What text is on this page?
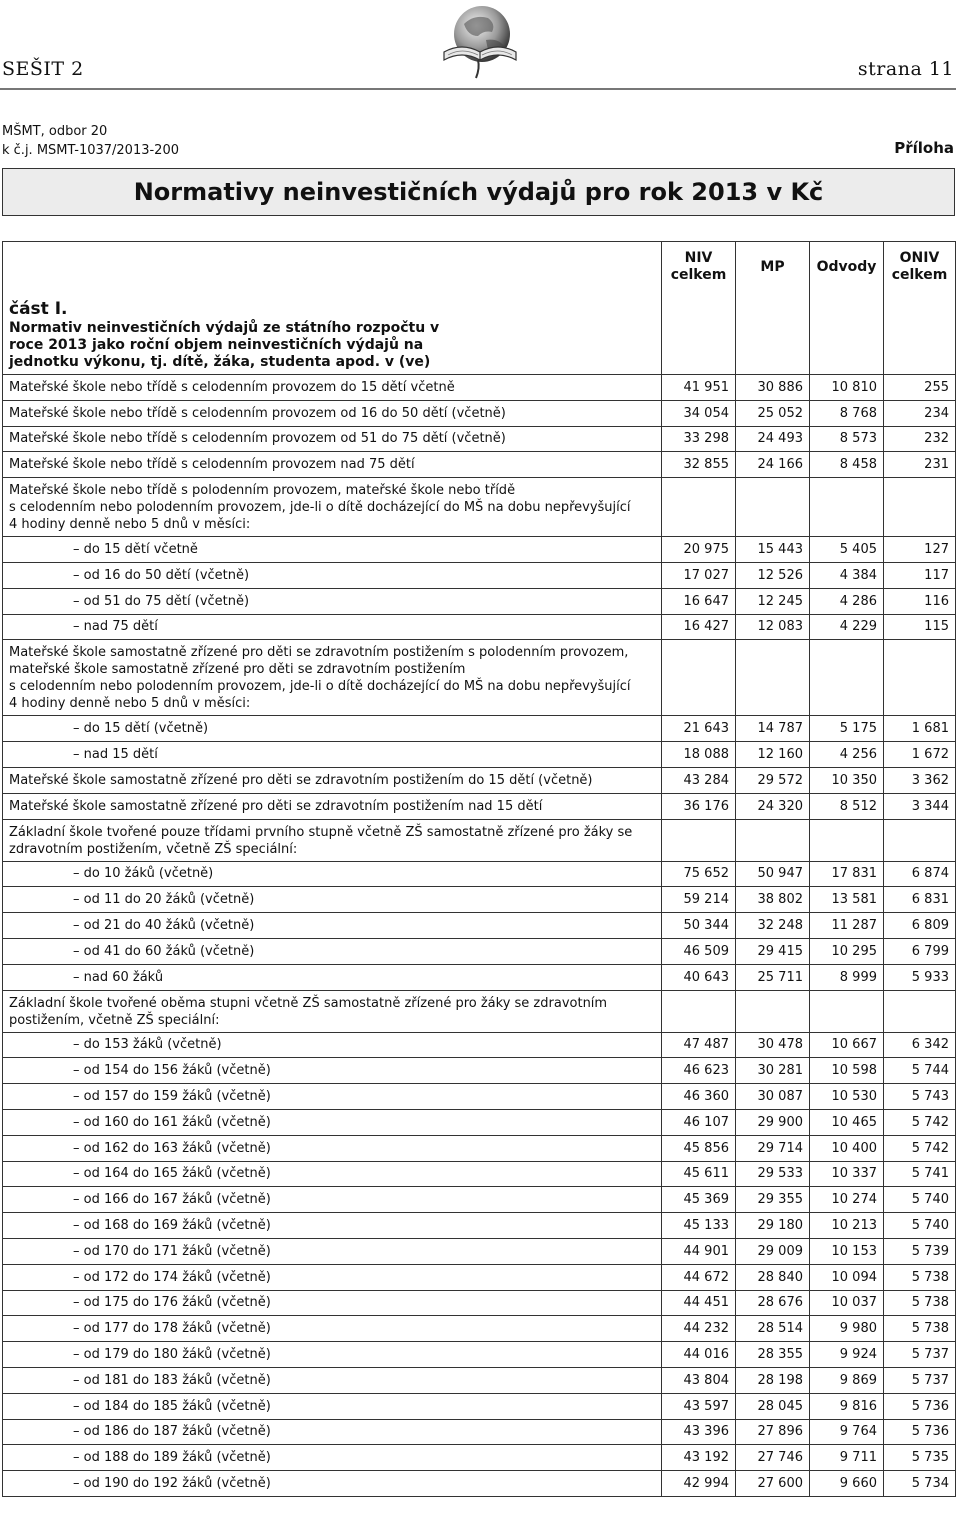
SEŠIT 2	strana 11
MŠMT, odbor 20
k č.j. MSMT-1037/2013-200	Příloha
Normativy neinvestičních výdajů pro rok 2013 v Kč
část I.
Normativ neinvestičních výdajů ze státního rozpočtu v roce 2013 jako roční objem neinvestičních výdajů na jednotku výkonu, tj. dítě, žáka, studenta apod. v (ve)	NIV celkem	MP	Odvody	ONIV celkem
Mateřské škole nebo třídě s celodenním provozem do 15 dětí včetně	41 951	30 886	10 810	255
Mateřské škole nebo třídě s celodenním provozem od 16 do 50 dětí (včetně)	34 054	25 052	8 768	234
Mateřské škole nebo třídě s celodenním provozem od 51 do 75 dětí (včetně)	33 298	24 493	8 573	232
Mateřské škole nebo třídě s celodenním provozem nad 75 dětí	32 855	24 166	8 458	231
Mateřské škole nebo třídě s polodenním provozem, mateřské škole nebo třídě
s celodenním nebo polodenním provozem, jde-li o dítě docházející do MŠ na dobu nepřevyšující
4 hodiny denně nebo 5 dnů v měsíci:				
– do 15 dětí včetně	20 975	15 443	5 405	127
– od 16 do 50 dětí (včetně)	17 027	12 526	4 384	117
– od 51 do 75 dětí (včetně)	16 647	12 245	4 286	116
– nad 75 dětí	16 427	12 083	4 229	115
Mateřské škole samostatně zřízené pro děti se zdravotním postižením s polodenním provozem,
mateřské škole samostatně zřízené pro děti se zdravotním postižením
s celodenním nebo polodenním provozem, jde-li o dítě docházející do MŠ na dobu nepřevyšující
4 hodiny denně nebo 5 dnů v měsíci:				
– do 15 dětí (včetně)	21 643	14 787	5 175	1 681
– nad 15 dětí	18 088	12 160	4 256	1 672
Mateřské škole samostatně zřízené pro děti se zdravotním postižením do 15 dětí (včetně)	43 284	29 572	10 350	3 362
Mateřské škole samostatně zřízené pro děti se zdravotním postižením nad 15 dětí	36 176	24 320	8 512	3 344
Základní škole tvořené pouze třídami prvního stupně včetně ZŠ samostatně zřízené pro žáky se
zdravotním postižením, včetně ZŠ speciální:				
– do 10 žáků (včetně)	75 652	50 947	17 831	6 874
– od 11 do 20 žáků (včetně)	59 214	38 802	13 581	6 831
– od 21 do 40 žáků (včetně)	50 344	32 248	11 287	6 809
– od 41 do 60 žáků (včetně)	46 509	29 415	10 295	6 799
– nad 60 žáků	40 643	25 711	8 999	5 933
Základní škole tvořené oběma stupni včetně ZŠ samostatně zřízené pro žáky se zdravotním
postižením, včetně ZŠ speciální:				
– do 153 žáků (včetně)	47 487	30 478	10 667	6 342
– od 154 do 156 žáků (včetně)	46 623	30 281	10 598	5 744
– od 157 do 159 žáků (včetně)	46 360	30 087	10 530	5 743
– od 160 do 161 žáků (včetně)	46 107	29 900	10 465	5 742
– od 162 do 163 žáků (včetně)	45 856	29 714	10 400	5 742
– od 164 do 165 žáků (včetně)	45 611	29 533	10 337	5 741
– od 166 do 167 žáků (včetně)	45 369	29 355	10 274	5 740
– od 168 do 169 žáků (včetně)	45 133	29 180	10 213	5 740
– od 170 do 171 žáků (včetně)	44 901	29 009	10 153	5 739
– od 172 do 174 žáků (včetně)	44 672	28 840	10 094	5 738
– od 175 do 176 žáků (včetně)	44 451	28 676	10 037	5 738
– od 177 do 178 žáků (včetně)	44 232	28 514	9 980	5 738
– od 179 do 180 žáků (včetně)	44 016	28 355	9 924	5 737
– od 181 do 183 žáků (včetně)	43 804	28 198	9 869	5 737
– od 184 do 185 žáků (včetně)	43 597	28 045	9 816	5 736
– od 186 do 187 žáků (včetně)	43 396	27 896	9 764	5 736
– od 188 do 189 žáků (včetně)	43 192	27 746	9 711	5 735
– od 190 do 192 žáků (včetně)	42 994	27 600	9 660	5 734
